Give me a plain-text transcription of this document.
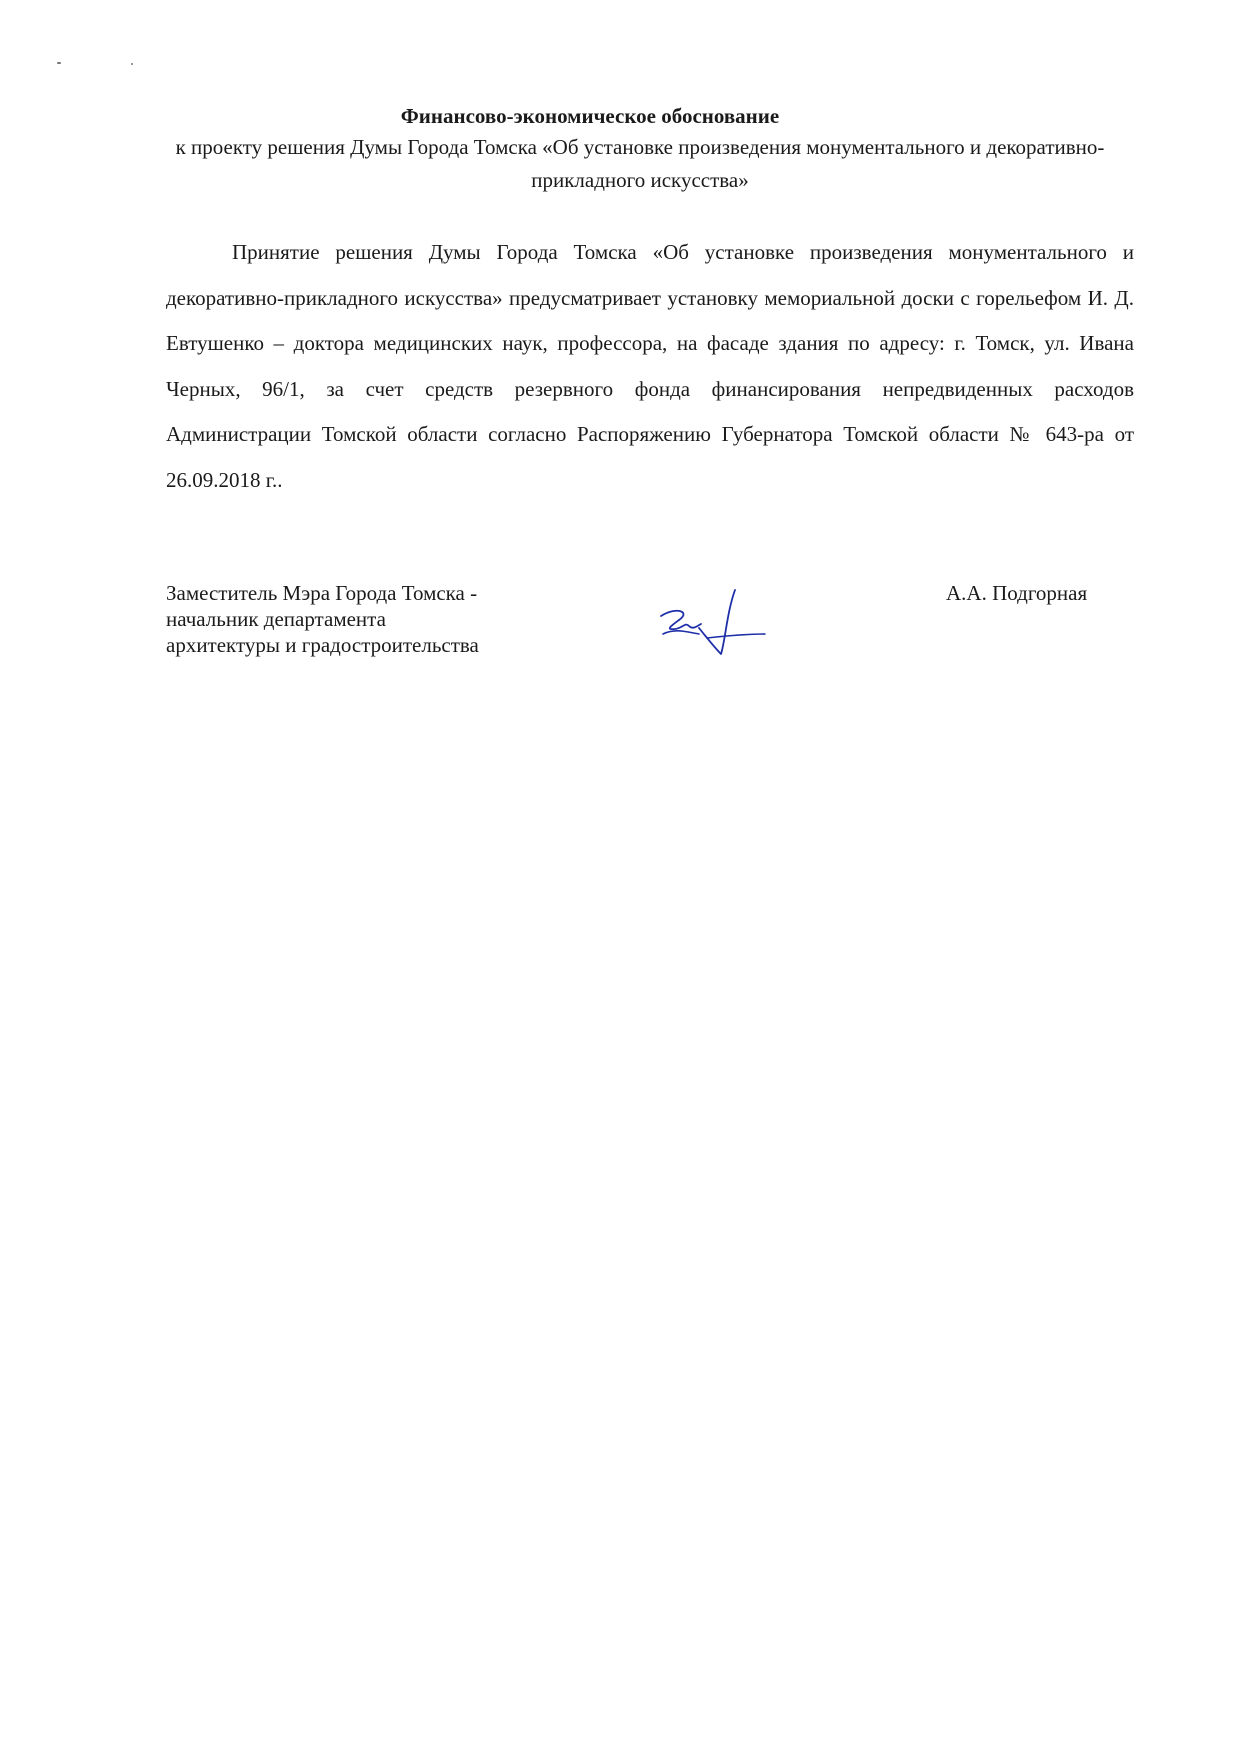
Финансово-экономическое обоснование
к проекту решения Думы Города Томска «Об установке произведения монументального и декоративно-прикладного искусства»

Принятие решения Думы Города Томска «Об установке произведения монументального и декоративно-прикладного искусства» предусматривает установку мемориальной доски с горельефом И. Д. Евтушенко – доктора медицинских наук, профессора, на фасаде здания по адресу: г. Томск, ул. Ивана Черных, 96/1, за счет средств резервного фонда финансирования непредвиденных расходов Администрации Томской области согласно Распоряжению Губернатора Томской области № 643-ра от 26.09.2018 г..

Заместитель Мэра Города Томска -
начальник департамента
архитектуры и градостроительства
А.А. Подгорная
